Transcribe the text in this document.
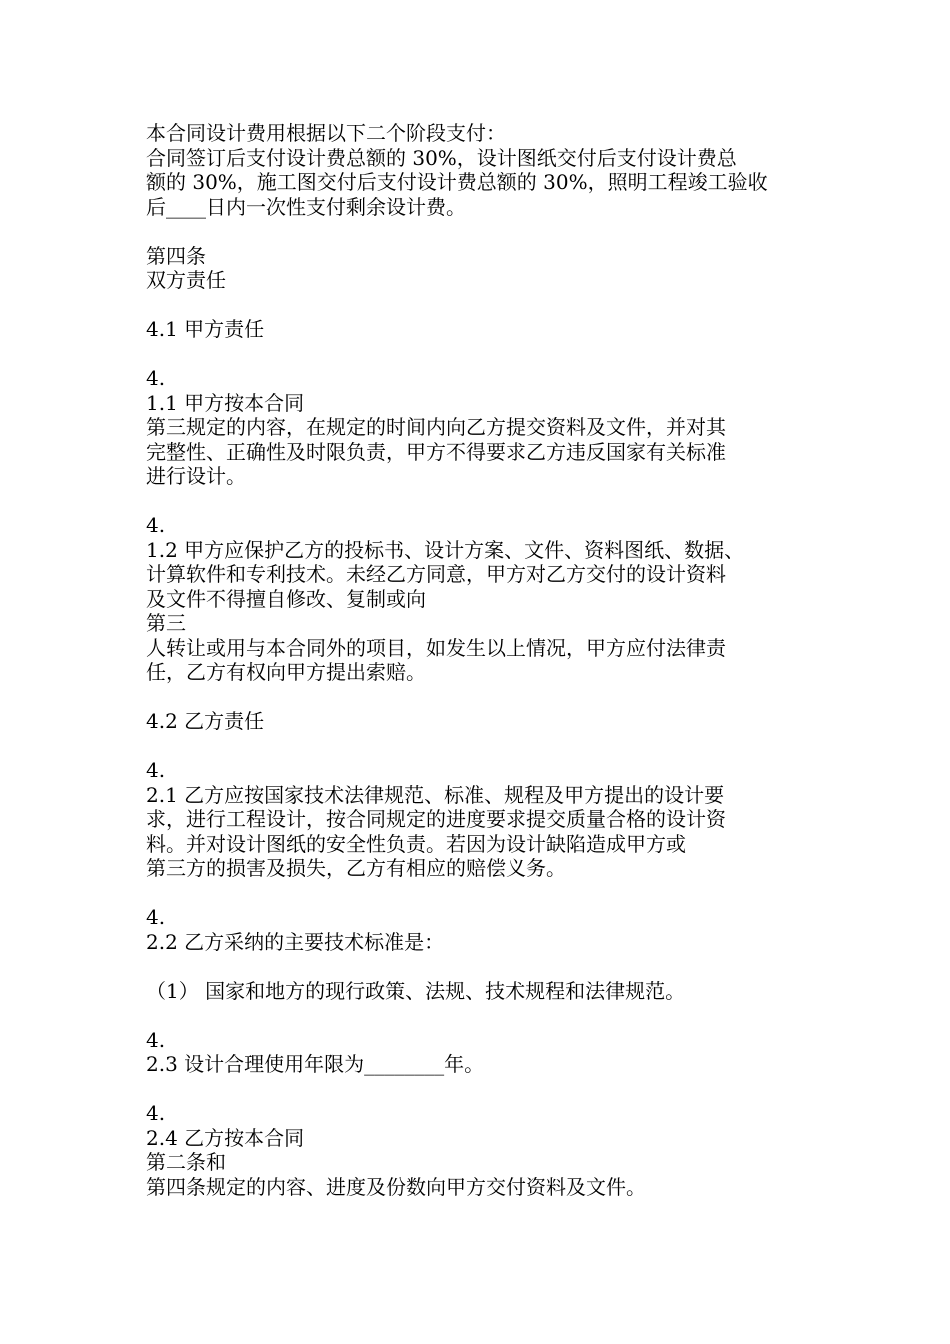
本合同设计费用根据以下二个阶段支付：
合同签订后支付设计费总额的 30%，设计图纸交付后支付设计费总
额的 30%，施工图交付后支付设计费总额的 30%，照明工程竣工验收
后____日内一次性支付剩余设计费。
第四条
双方责任
4.1 甲方责任
4.
1.1 甲方按本合同
第三规定的内容，在规定的时间内向乙方提交资料及文件，并对其
完整性、正确性及时限负责，甲方不得要求乙方违反国家有关标准
进行设计。
4.
1.2 甲方应保护乙方的投标书、设计方案、文件、资料图纸、数据、
计算软件和专利技术。未经乙方同意，甲方对乙方交付的设计资料
及文件不得擅自修改、复制或向
第三
人转让或用与本合同外的项目，如发生以上情况，甲方应付法律责
任，乙方有权向甲方提出索赔。
4.2 乙方责任
4.
2.1 乙方应按国家技术法律规范、标准、规程及甲方提出的设计要
求，进行工程设计，按合同规定的进度要求提交质量合格的设计资
料。并对设计图纸的安全性负责。若因为设计缺陷造成甲方或
第三方的损害及损失，乙方有相应的赔偿义务。
4.
2.2 乙方采纳的主要技术标准是：
（1） 国家和地方的现行政策、法规、技术规程和法律规范。
4.
2.3 设计合理使用年限为________年。
4.
2.4 乙方按本合同
第二条和
第四条规定的内容、进度及份数向甲方交付资料及文件。
